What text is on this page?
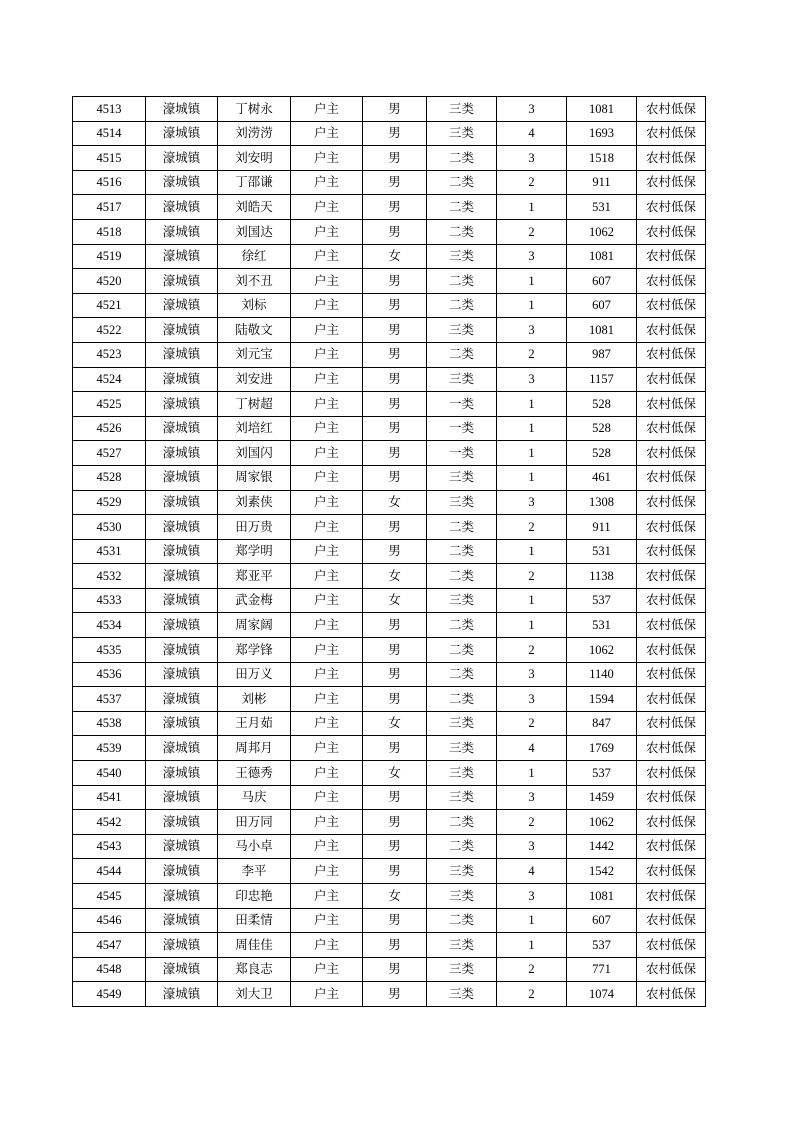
4513	濠城镇	丁树永	户主	男	三类	3	1081	农村低保
4514	濠城镇	刘涝涝	户主	男	三类	4	1693	农村低保
4515	濠城镇	刘安明	户主	男	二类	3	1518	农村低保
4516	濠城镇	丁邵谦	户主	男	二类	2	911	农村低保
4517	濠城镇	刘皓天	户主	男	二类	1	531	农村低保
4518	濠城镇	刘国达	户主	男	二类	2	1062	农村低保
4519	濠城镇	徐红	户主	女	三类	3	1081	农村低保
4520	濠城镇	刘不丑	户主	男	二类	1	607	农村低保
4521	濠城镇	刘标	户主	男	二类	1	607	农村低保
4522	濠城镇	陆敬文	户主	男	三类	3	1081	农村低保
4523	濠城镇	刘元宝	户主	男	二类	2	987	农村低保
4524	濠城镇	刘安进	户主	男	三类	3	1157	农村低保
4525	濠城镇	丁树超	户主	男	一类	1	528	农村低保
4526	濠城镇	刘培红	户主	男	一类	1	528	农村低保
4527	濠城镇	刘国闪	户主	男	一类	1	528	农村低保
4528	濠城镇	周家银	户主	男	三类	1	461	农村低保
4529	濠城镇	刘素侠	户主	女	三类	3	1308	农村低保
4530	濠城镇	田万贵	户主	男	二类	2	911	农村低保
4531	濠城镇	郑学明	户主	男	二类	1	531	农村低保
4532	濠城镇	郑亚平	户主	女	二类	2	1138	农村低保
4533	濠城镇	武金梅	户主	女	三类	1	537	农村低保
4534	濠城镇	周家阔	户主	男	二类	1	531	农村低保
4535	濠城镇	郑学锋	户主	男	二类	2	1062	农村低保
4536	濠城镇	田万义	户主	男	二类	3	1140	农村低保
4537	濠城镇	刘彬	户主	男	二类	3	1594	农村低保
4538	濠城镇	王月茹	户主	女	三类	2	847	农村低保
4539	濠城镇	周邦月	户主	男	三类	4	1769	农村低保
4540	濠城镇	王德秀	户主	女	三类	1	537	农村低保
4541	濠城镇	马庆	户主	男	三类	3	1459	农村低保
4542	濠城镇	田万同	户主	男	二类	2	1062	农村低保
4543	濠城镇	马小卓	户主	男	二类	3	1442	农村低保
4544	濠城镇	李平	户主	男	三类	4	1542	农村低保
4545	濠城镇	印忠艳	户主	女	三类	3	1081	农村低保
4546	濠城镇	田柔情	户主	男	二类	1	607	农村低保
4547	濠城镇	周佳佳	户主	男	三类	1	537	农村低保
4548	濠城镇	郑良志	户主	男	三类	2	771	农村低保
4549	濠城镇	刘大卫	户主	男	三类	2	1074	农村低保
